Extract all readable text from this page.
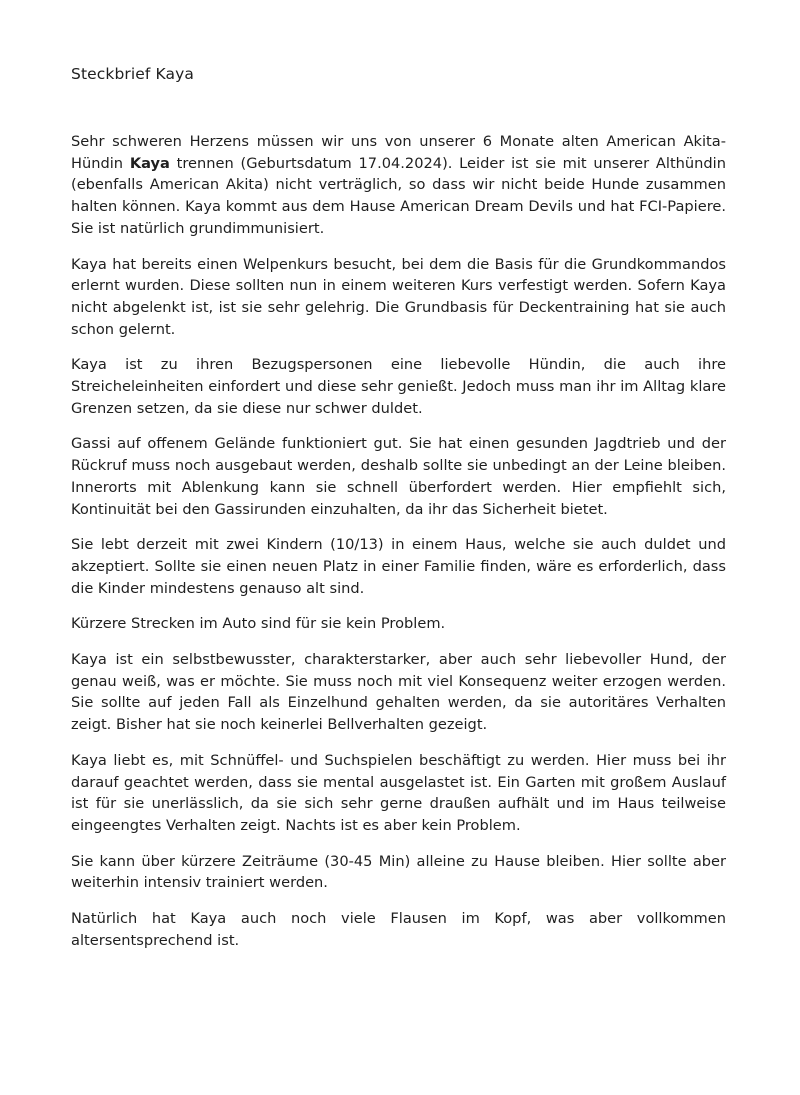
Steckbrief Kaya

Sehr schweren Herzens müssen wir uns von unserer 6 Monate alten American Akita-Hündin Kaya trennen (Geburtsdatum 17.04.2024). Leider ist sie mit unserer Althündin (ebenfalls American Akita) nicht verträglich, so dass wir nicht beide Hunde zusammen halten können. Kaya kommt aus dem Hause American Dream Devils und hat FCI-Papiere. Sie ist natürlich grundimmunisiert.

Kaya hat bereits einen Welpenkurs besucht, bei dem die Basis für die Grundkommandos erlernt wurden. Diese sollten nun in einem weiteren Kurs verfestigt werden. Sofern Kaya nicht abgelenkt ist, ist sie sehr gelehrig. Die Grundbasis für Deckentraining hat sie auch schon gelernt.

Kaya ist zu ihren Bezugspersonen eine liebevolle Hündin, die auch ihre Streicheleinheiten einfordert und diese sehr genießt. Jedoch muss man ihr im Alltag klare Grenzen setzen, da sie diese nur schwer duldet.

Gassi auf offenem Gelände funktioniert gut. Sie hat einen gesunden Jagdtrieb und der Rückruf muss noch ausgebaut werden, deshalb sollte sie unbedingt an der Leine bleiben. Innerorts mit Ablenkung kann sie schnell überfordert werden. Hier empfiehlt sich, Kontinuität bei den Gassirunden einzuhalten, da ihr das Sicherheit bietet.

Sie lebt derzeit mit zwei Kindern (10/13) in einem Haus, welche sie auch duldet und akzeptiert. Sollte sie einen neuen Platz in einer Familie finden, wäre es erforderlich, dass die Kinder mindestens genauso alt sind.

Kürzere Strecken im Auto sind für sie kein Problem.

Kaya ist ein selbstbewusster, charakterstarker, aber auch sehr liebevoller Hund, der genau weiß, was er möchte. Sie muss noch mit viel Konsequenz weiter erzogen werden. Sie sollte auf jeden Fall als Einzelhund gehalten werden, da sie autoritäres Verhalten zeigt. Bisher hat sie noch keinerlei Bellverhalten gezeigt.

Kaya liebt es, mit Schnüffel- und Suchspielen beschäftigt zu werden. Hier muss bei ihr darauf geachtet werden, dass sie mental ausgelastet ist. Ein Garten mit großem Auslauf ist für sie unerlässlich, da sie sich sehr gerne draußen aufhält und im Haus teilweise eingeengtes Verhalten zeigt. Nachts ist es aber kein Problem.

Sie kann über kürzere Zeiträume (30-45 Min) alleine zu Hause bleiben. Hier sollte aber weiterhin intensiv trainiert werden.

Natürlich hat Kaya auch noch viele Flausen im Kopf, was aber vollkommen altersentsprechend ist.
